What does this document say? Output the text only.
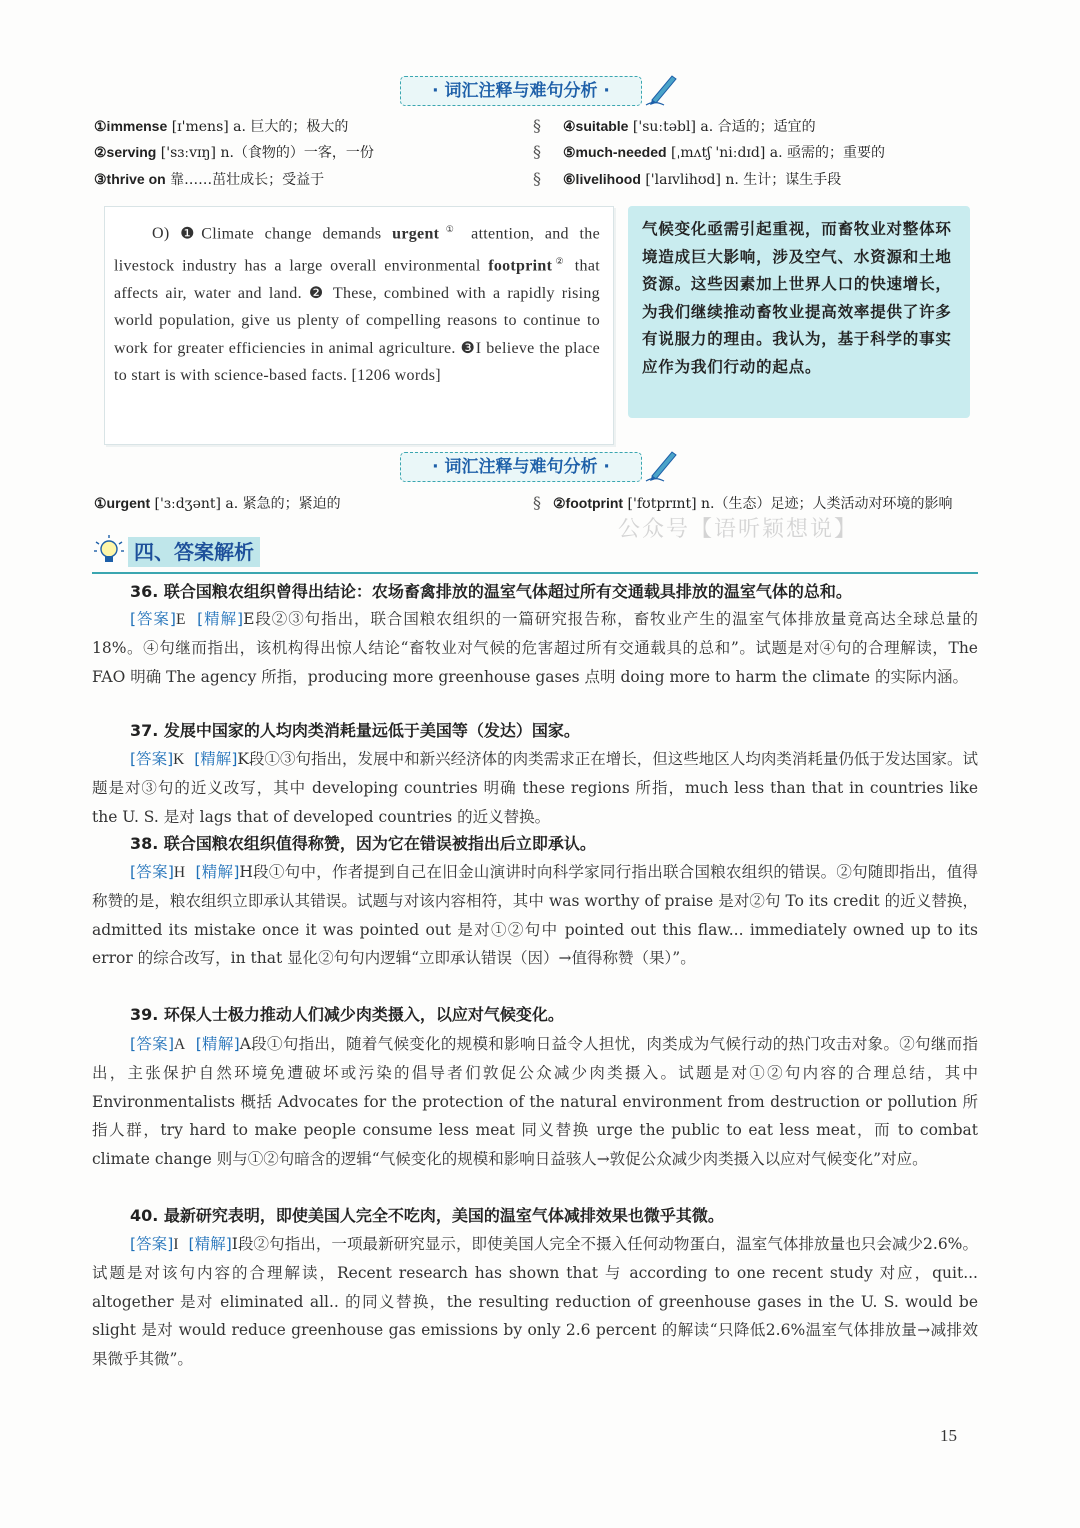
· 词汇注释与难句分析 ·
①immense [ɪ'mens] a. 巨大的；极大的
②serving ['sɜːvɪŋ] n.（食物的）一客，一份
③thrive on 靠……茁壮成长；受益于
§
§
§
④suitable ['suːtəbl] a. 合适的；适宜的
⑤much-needed [ˌmʌtʃ 'niːdɪd] a. 亟需的；重要的
⑥livelihood ['laɪvlihʊd] n. 生计；谋生手段
O) ❶Climate change demands urgent① attention, and the livestock industry has a large overall environmental footprint② that affects air, water and land. ❷ These, combined with a rapidly rising world population, give us plenty of compelling reasons to continue to work for greater efficiencies in animal agriculture. ❸I believe the place to start is with science-based facts. [1206 words]
气候变化亟需引起重视，而畜牧业对整体环境造成巨大影响，涉及空气、水资源和土地资源。这些因素加上世界人口的快速增长，为我们继续推动畜牧业提高效率提供了许多有说服力的理由。我认为，基于科学的事实应作为我们行动的起点。
· 词汇注释与难句分析 ·
①urgent ['ɜːdʒənt] a. 紧急的；紧迫的	§ ②footprint ['fʊtprɪnt] n.（生态）足迹；人类活动对环境的影响
公众号【语听颖想说】
四、答案解析
36. 联合国粮农组织曾得出结论：农场畜禽排放的温室气体超过所有交通载具排放的温室气体的总和。
[答案]E [精解]E段②③句指出，联合国粮农组织的一篇研究报告称，畜牧业产生的温室气体排放量竟高达全球总量的18%。④句继而指出，该机构得出惊人结论“畜牧业对气候的危害超过所有交通载具的总和”。试题是对④句的合理解读，The FAO 明确 The agency 所指，producing more greenhouse gases 点明 doing more to harm the climate 的实际内涵。
37. 发展中国家的人均肉类消耗量远低于美国等（发达）国家。
[答案]K [精解]K段①③句指出，发展中和新兴经济体的肉类需求正在增长，但这些地区人均肉类消耗量仍低于发达国家。试题是对③句的近义改写，其中 developing countries 明确 these regions 所指，much less than that in countries like the U. S. 是对 lags that of developed countries 的近义替换。
38. 联合国粮农组织值得称赞，因为它在错误被指出后立即承认。
[答案]H [精解]H段①句中，作者提到自己在旧金山演讲时向科学家同行指出联合国粮农组织的错误。②句随即指出，值得称赞的是，粮农组织立即承认其错误。试题与对该内容相符，其中 was worthy of praise 是对②句 To its credit 的近义替换，admitted its mistake once it was pointed out 是对①②句中 pointed out this flaw... immediately owned up to its error 的综合改写，in that 显化②句句内逻辑“立即承认错误（因）→值得称赞（果）”。
39. 环保人士极力推动人们减少肉类摄入，以应对气候变化。
[答案]A [精解]A段①句指出，随着气候变化的规模和影响日益令人担忧，肉类成为气候行动的热门攻击对象。②句继而指出，主张保护自然环境免遭破坏或污染的倡导者们敦促公众减少肉类摄入。试题是对①②句内容的合理总结，其中 Environmentalists 概括 Advocates for the protection of the natural environment from destruction or pollution 所指人群，try hard to make people consume less meat 同义替换 urge the public to eat less meat，而 to combat climate change 则与①②句暗含的逻辑“气候变化的规模和影响日益骇人→敦促公众减少肉类摄入以应对气候变化”对应。
40. 最新研究表明，即使美国人完全不吃肉，美国的温室气体减排效果也微乎其微。
[答案]I [精解]I段②句指出，一项最新研究显示，即使美国人完全不摄入任何动物蛋白，温室气体排放量也只会减少2.6%。试题是对该句内容的合理解读，Recent research has shown that 与 according to one recent study 对应，quit... altogether 是对 eliminated all.. 的同义替换，the resulting reduction of greenhouse gases in the U. S. would be slight 是对 would reduce greenhouse gas emissions by only 2.6 percent 的解读“只降低2.6%温室气体排放量→减排效果微乎其微”。
15
